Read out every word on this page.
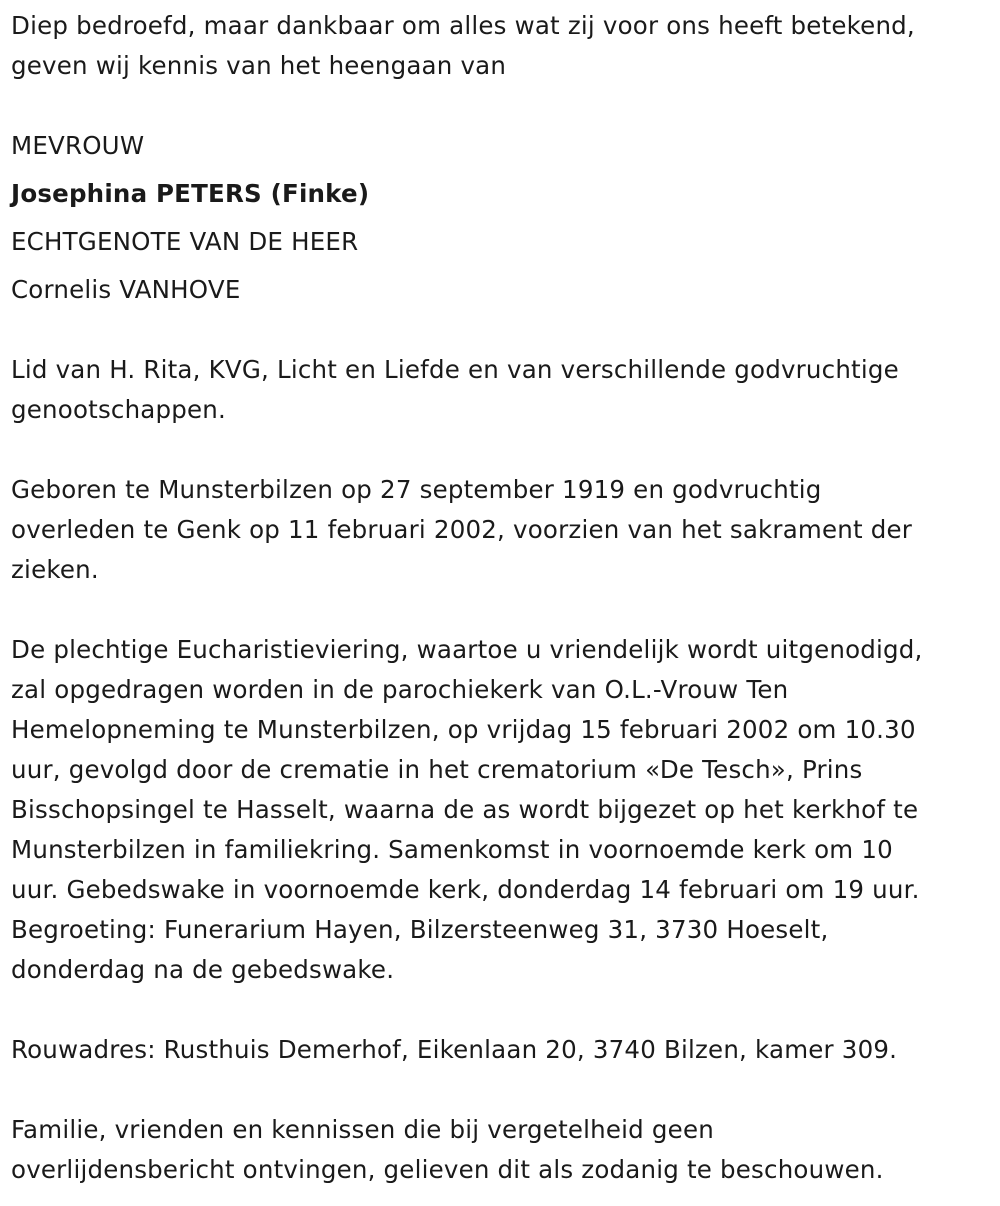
Diep bedroefd, maar dankbaar om alles wat zij voor ons heeft betekend,
geven wij kennis van het heengaan van
MEVROUW
Josephina PETERS (Finke)
ECHTGENOTE VAN DE HEER
Cornelis VANHOVE
Lid van H. Rita, KVG, Licht en Liefde en van verschillende godvruchtige
genootschappen.
Geboren te Munsterbilzen op 27 september 1919 en godvruchtig
overleden te Genk op 11 februari 2002, voorzien van het sakrament der
zieken.
De plechtige Eucharistieviering, waartoe u vriendelijk wordt uitgenodigd,
zal opgedragen worden in de parochiekerk van O.L.-Vrouw Ten
Hemelopneming te Munsterbilzen, op vrijdag 15 februari 2002 om 10.30
uur, gevolgd door de crematie in het crematorium «De Tesch», Prins
Bisschopsingel te Hasselt, waarna de as wordt bijgezet op het kerkhof te
Munsterbilzen in familiekring. Samenkomst in voornoemde kerk om 10
uur. Gebedswake in voornoemde kerk, donderdag 14 februari om 19 uur.
Begroeting: Funerarium Hayen, Bilzersteenweg 31, 3730 Hoeselt,
donderdag na de gebedswake.
Rouwadres: Rusthuis Demerhof, Eikenlaan 20, 3740 Bilzen, kamer 309.
Familie, vrienden en kennissen die bij vergetelheid geen
overlijdensbericht ontvingen, gelieven dit als zodanig te beschouwen.
